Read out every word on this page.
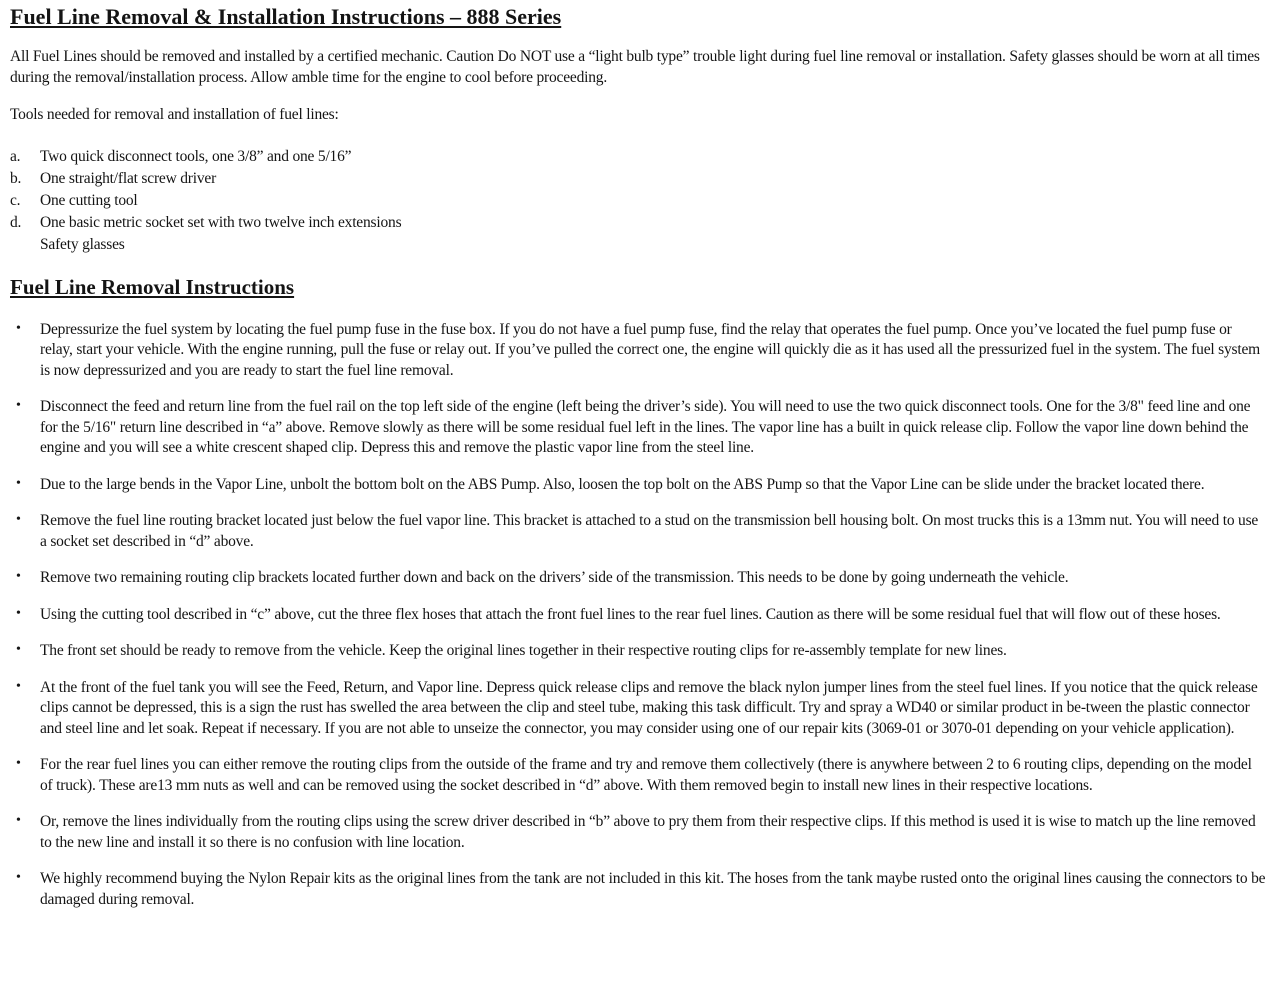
Fuel Line Removal & Installation Instructions – 888 Series

All Fuel Lines should be removed and installed by a certified mechanic. Caution Do NOT use a “light bulb type” trouble light during fuel line removal or installation. Safety glasses should be worn at all times during the removal/installation process. Allow amble time for the engine to cool before proceeding.

Tools needed for removal and installation of fuel lines:

a. Two quick disconnect tools, one 3/8” and one 5/16”
b. One straight/flat screw driver
c. One cutting tool
d. One basic metric socket set with two twelve inch extensions
Safety glasses
Fuel Line Removal Instructions
• Depressurize the fuel system by locating the fuel pump fuse in the fuse box. If you do not have a fuel pump fuse, find the relay that operates the fuel pump. Once you’ve located the fuel pump fuse or relay, start your vehicle. With the engine running, pull the fuse or relay out. If you’ve pulled the correct one, the engine will quickly die as it has used all the pressurized fuel in the system. The fuel system is now depressurized and you are ready to start the fuel line removal.
• Disconnect the feed and return line from the fuel rail on the top left side of the engine (left being the driver’s side). You will need to use the two quick disconnect tools. One for the 3/8" feed line and one for the 5/16" return line described in “a” above. Remove slowly as there will be some residual fuel left in the lines. The vapor line has a built in quick release clip. Follow the vapor line down behind the engine and you will see a white crescent shaped clip. Depress this and remove the plastic vapor line from the steel line.
• Due to the large bends in the Vapor Line, unbolt the bottom bolt on the ABS Pump. Also, loosen the top bolt on the ABS Pump so that the Vapor Line can be slide under the bracket located there.
• Remove the fuel line routing bracket located just below the fuel vapor line. This bracket is attached to a stud on the transmission bell housing bolt. On most trucks this is a 13mm nut. You will need to use a socket set described in “d” above.
• Remove two remaining routing clip brackets located further down and back on the drivers’ side of the transmission. This needs to be done by going underneath the vehicle.
• Using the cutting tool described in “c” above, cut the three flex hoses that attach the front fuel lines to the rear fuel lines. Caution as there will be some residual fuel that will flow out of these hoses.
• The front set should be ready to remove from the vehicle. Keep the original lines together in their respective routing clips for re-assembly template for new lines.
• At the front of the fuel tank you will see the Feed, Return, and Vapor line. Depress quick release clips and remove the black nylon jumper lines from the steel fuel lines. If you notice that the quick release clips cannot be depressed, this is a sign the rust has swelled the area between the clip and steel tube, making this task difficult. Try and spray a WD40 or similar product in be-tween the plastic connector and steel line and let soak. Repeat if necessary. If you are not able to unseize the connector, you may consider using one of our repair kits (3069-01 or 3070-01 depending on your vehicle application).
• For the rear fuel lines you can either remove the routing clips from the outside of the frame and try and remove them collectively (there is anywhere between 2 to 6 routing clips, depending on the model of truck). These are13 mm nuts as well and can be removed using the socket described in “d” above. With them removed begin to install new lines in their respective locations.
• Or, remove the lines individually from the routing clips using the screw driver described in “b” above to pry them from their respective clips. If this method is used it is wise to match up the line removed to the new line and install it so there is no confusion with line location.
• We highly recommend buying the Nylon Repair kits as the original lines from the tank are not included in this kit. The hoses from the tank maybe rusted onto the original lines causing the connectors to be damaged during removal.
